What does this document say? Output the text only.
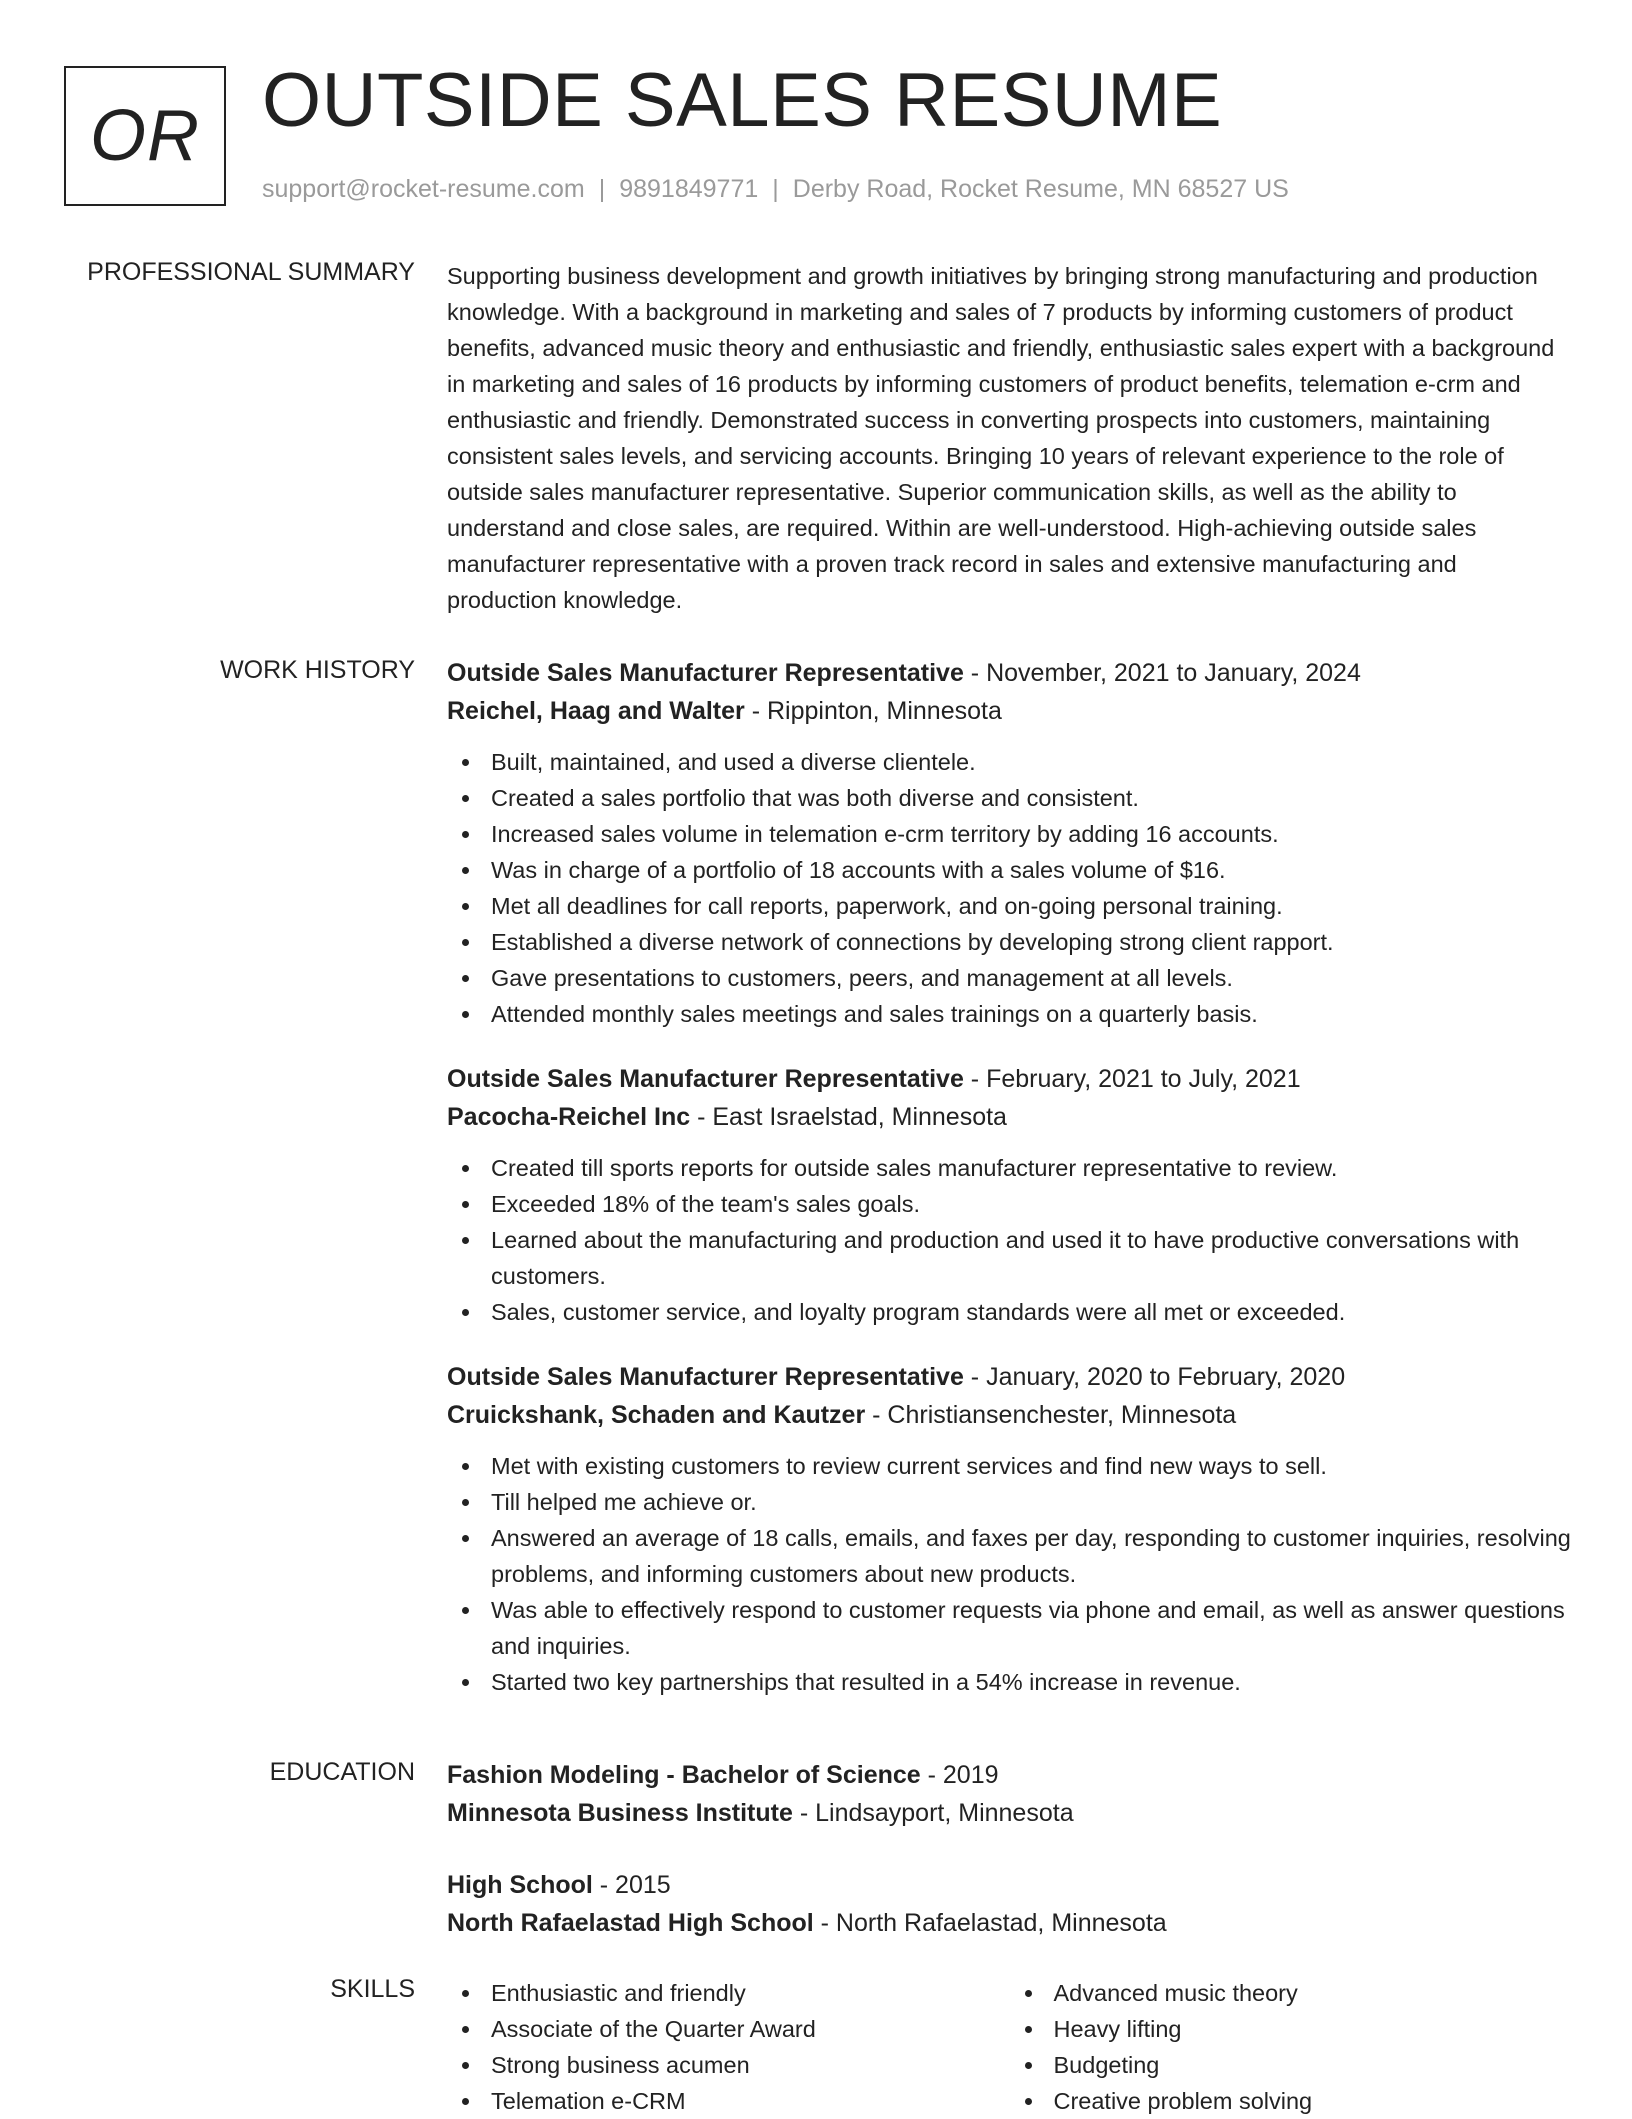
OR OUTSIDE SALES RESUME
support@rocket-resume.com | 9891849771 | Derby Road, Rocket Resume, MN 68527 US
PROFESSIONAL SUMMARY Supporting business development and growth initiatives by bringing strong manufacturing and production knowledge. With a background in marketing and sales of 7 products by informing customers of product benefits, advanced music theory and enthusiastic and friendly, enthusiastic sales expert with a background in marketing and sales of 16 products by informing customers of product benefits, telemation e-crm and enthusiastic and friendly. Demonstrated success in converting prospects into customers, maintaining consistent sales levels, and servicing accounts. Bringing 10 years of relevant experience to the role of outside sales manufacturer representative. Superior communication skills, as well as the ability to understand and close sales, are required. Within are well-understood. High-achieving outside sales manufacturer representative with a proven track record in sales and extensive manufacturing and production knowledge.

WORK HISTORY Outside Sales Manufacturer Representative - November, 2021 to January, 2024
Reichel, Haag and Walter - Rippinton, Minnesota
Built, maintained, and used a diverse clientele.
Created a sales portfolio that was both diverse and consistent.
Increased sales volume in telemation e-crm territory by adding 16 accounts.
Was in charge of a portfolio of 18 accounts with a sales volume of $16.
Met all deadlines for call reports, paperwork, and on-going personal training.
Established a diverse network of connections by developing strong client rapport.
Gave presentations to customers, peers, and management at all levels.
Attended monthly sales meetings and sales trainings on a quarterly basis.
Outside Sales Manufacturer Representative - February, 2021 to July, 2021
Pacocha-Reichel Inc - East Israelstad, Minnesota
Created till sports reports for outside sales manufacturer representative to review.
Exceeded 18% of the team's sales goals.
Learned about the manufacturing and production and used it to have productive conversations with customers.
Sales, customer service, and loyalty program standards were all met or exceeded.
Outside Sales Manufacturer Representative - January, 2020 to February, 2020
Cruickshank, Schaden and Kautzer - Christiansenchester, Minnesota
Met with existing customers to review current services and find new ways to sell.
Till helped me achieve or.
Answered an average of 18 calls, emails, and faxes per day, responding to customer inquiries, resolving problems, and informing customers about new products.
Was able to effectively respond to customer requests via phone and email, as well as answer questions and inquiries.
Started two key partnerships that resulted in a 54% increase in revenue.
EDUCATION Fashion Modeling - Bachelor of Science - 2019
Minnesota Business Institute - Lindsayport, Minnesota
High School - 2015
North Rafaelastad High School - North Rafaelastad, Minnesota
SKILLS	Enthusiastic and friendly
Associate of the Quarter Award
Strong business acumen
Telemation e-CRM
Advanced music theory
Heavy lifting
Budgeting
Creative problem solving
